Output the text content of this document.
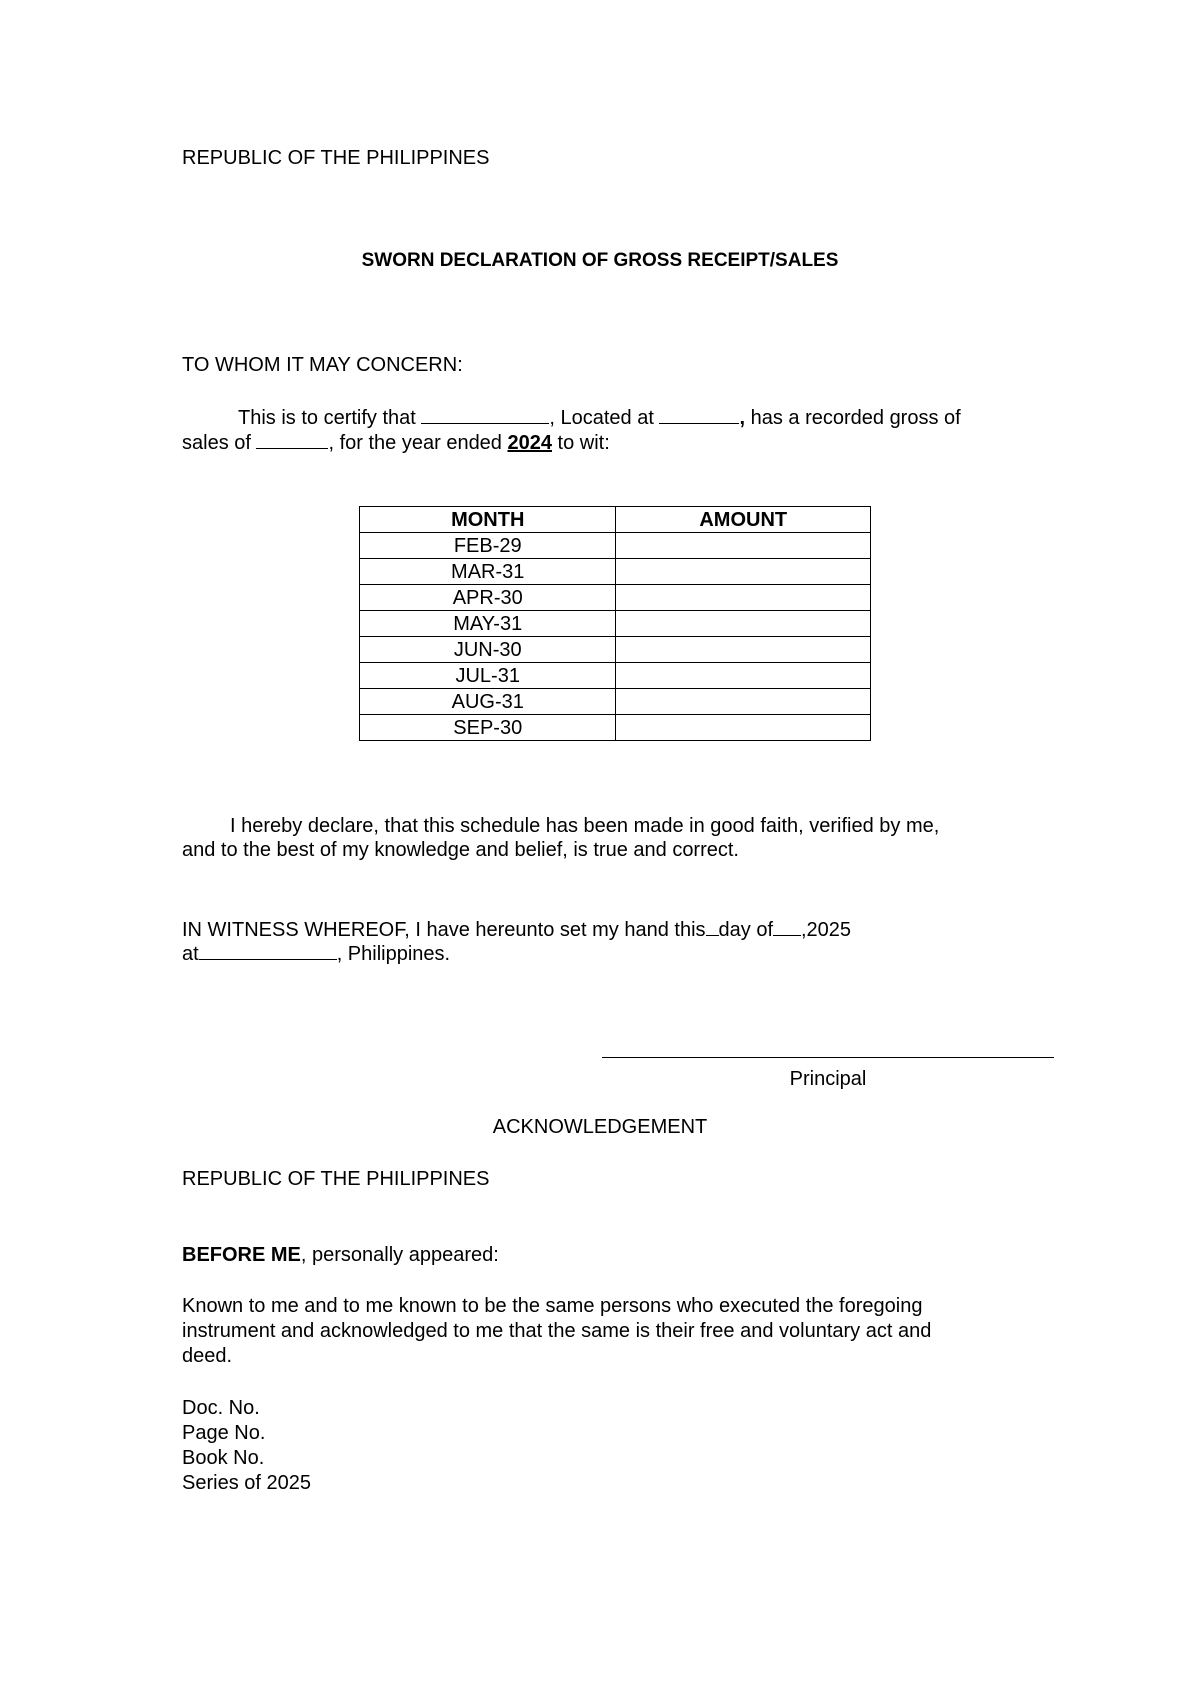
REPUBLIC OF THE PHILIPPINES
SWORN DECLARATION OF GROSS RECEIPT/SALES
TO WHOM IT MAY CONCERN:
This is to certify that	, Located at	, has a recorded gross of
sales of	, for the year ended 2024 to wit:
MONTH	AMOUNT
FEB-29	
MAR-31	
APR-30	
MAY-31	
JUN-30	
JUL-31	
AUG-31	
SEP-30	
I hereby declare, that this schedule has been made in good faith, verified by me,
and to the best of my knowledge and belief, is true and correct.
IN WITNESS WHEREOF, I have hereunto set my hand this day of ,2025
at	, Philippines.
Principal
ACKNOWLEDGEMENT
REPUBLIC OF THE PHILIPPINES
BEFORE ME, personally appeared:
Known to me and to me known to be the same persons who executed the foregoing
instrument and acknowledged to me that the same is their free and voluntary act and
deed.
Doc. No.
Page No.
Book No.
Series of 2025
